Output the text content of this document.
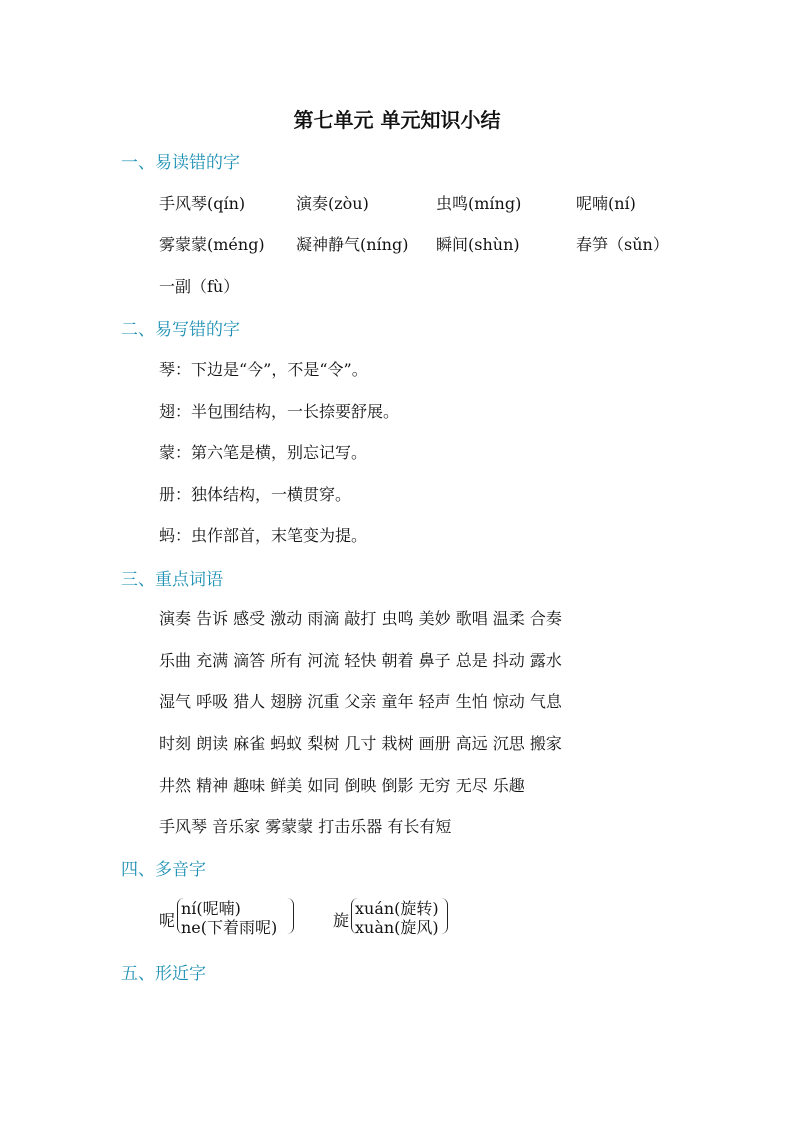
第七单元 单元知识小结
一、易读错的字
手风琴(qín)	演奏(zòu)	虫鸣(míng)	呢喃(ní)
雾蒙蒙(méng) 凝神静气(níng) 瞬间(shùn)	春笋（sǔn）
一副（fù）
二、易写错的字
琴：下边是“今”，不是“令”。
翅：半包围结构，一长捺要舒展。
蒙：第六笔是横，别忘记写。
册：独体结构，一横贯穿。
蚂：虫作部首，末笔变为提。
三、重点词语
演奏 告诉 感受 激动 雨滴 敲打 虫鸣 美妙 歌唱 温柔 合奏
乐曲 充满 滴答 所有 河流 轻快 朝着 鼻子 总是 抖动 露水
湿气 呼吸 猎人 翅膀 沉重 父亲 童年 轻声 生怕 惊动 气息
时刻 朗读 麻雀 蚂蚁 梨树 几寸 栽树 画册 高远 沉思 搬家
井然 精神 趣味 鲜美 如同 倒映 倒影 无穷 无尽 乐趣
手风琴 音乐家 雾蒙蒙 打击乐器 有长有短
四、多音字
呢
ní(呢喃)
ne(下着雨呢)	旋
xuán(旋转)
xuàn(旋风)
五、形近字
